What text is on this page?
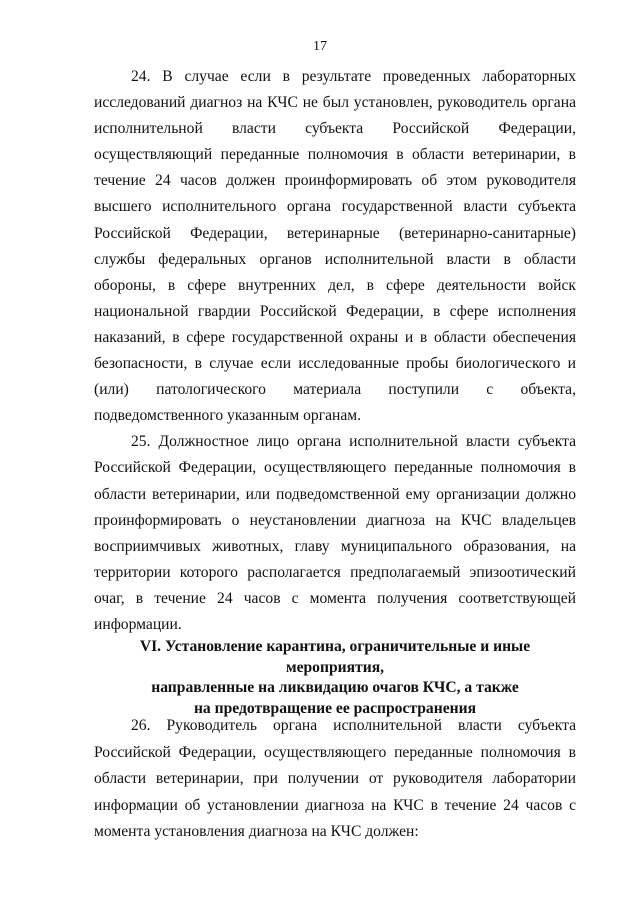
17

24. В случае если в результате проведенных лабораторных исследований диагноз на КЧС не был установлен, руководитель органа исполнительной власти субъекта Российской Федерации, осуществляющий переданные полномочия в области ветеринарии, в течение 24 часов должен проинформировать об этом руководителя высшего исполнительного органа государственной власти субъекта Российской Федерации, ветеринарные (ветеринарно-санитарные) службы федеральных органов исполнительной власти в области обороны, в сфере внутренних дел, в сфере деятельности войск национальной гвардии Российской Федерации, в сфере исполнения наказаний, в сфере государственной охраны и в области обеспечения безопасности, в случае если исследованные пробы биологического и (или) патологического материала поступили с объекта, подведомственного указанным органам.

25. Должностное лицо органа исполнительной власти субъекта Российской Федерации, осуществляющего переданные полномочия в области ветеринарии, или подведомственной ему организации должно проинформировать о неустановлении диагноза на КЧС владельцев восприимчивых животных, главу муниципального образования, на территории которого располагается предполагаемый эпизоотический очаг, в течение 24 часов с момента получения соответствующей информации.

VI. Установление карантина, ограничительные и иные мероприятия,
направленные на ликвидацию очагов КЧС, а также
на предотвращение ее распространения

26. Руководитель органа исполнительной власти субъекта Российской Федерации, осуществляющего переданные полномочия в области ветеринарии, при получении от руководителя лаборатории информации об установлении диагноза на КЧС в течение 24 часов с момента установления диагноза на КЧС должен:
